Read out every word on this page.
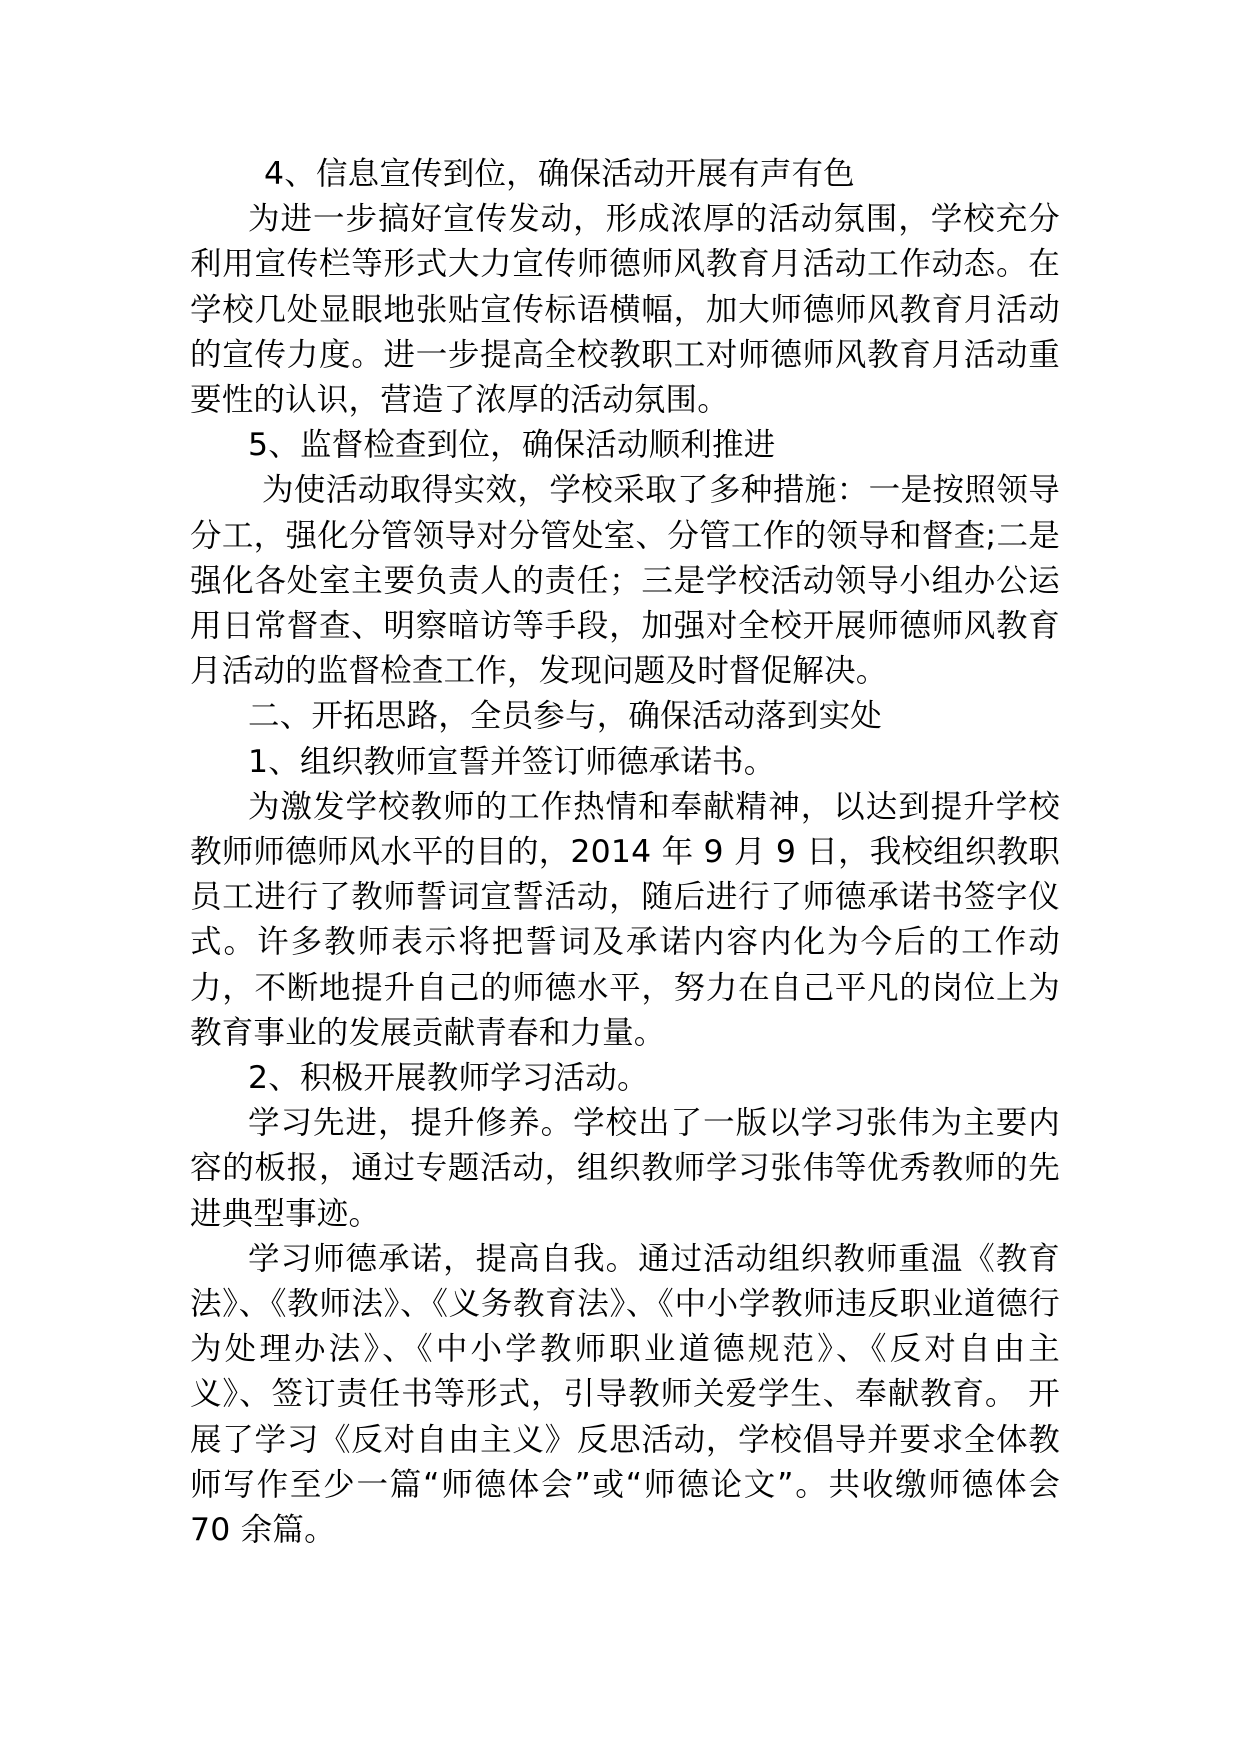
4、信息宣传到位，确保活动开展有声有色

为进一步搞好宣传发动，形成浓厚的活动氛围，学校充分利用宣传栏等形式大力宣传师德师风教育月活动工作动态。在学校几处显眼地张贴宣传标语横幅，加大师德师风教育月活动的宣传力度。进一步提高全校教职工对师德师风教育月活动重要性的认识，营造了浓厚的活动氛围。

5、监督检查到位，确保活动顺利推进

为使活动取得实效，学校采取了多种措施：一是按照领导分工，强化分管领导对分管处室、分管工作的领导和督查;二是强化各处室主要负责人的责任；三是学校活动领导小组办公运用日常督查、明察暗访等手段，加强对全校开展师德师风教育月活动的监督检查工作，发现问题及时督促解决。

二、开拓思路，全员参与，确保活动落到实处

1、组织教师宣誓并签订师德承诺书。

为激发学校教师的工作热情和奉献精神，以达到提升学校教师师德师风水平的目的，2014 年 9 月 9 日，我校组织教职员工进行了教师誓词宣誓活动，随后进行了师德承诺书签字仪式。许多教师表示将把誓词及承诺内容内化为今后的工作动力，不断地提升自己的师德水平，努力在自己平凡的岗位上为教育事业的发展贡献青春和力量。

2、积极开展教师学习活动。

学习先进，提升修养。学校出了一版以学习张伟为主要内容的板报，通过专题活动，组织教师学习张伟等优秀教师的先进典型事迹。

学习师德承诺，提高自我。通过活动组织教师重温《教育法》、《教师法》、《义务教育法》、《中小学教师违反职业道德行为处理办法》、《中小学教师职业道德规范》、《反对自由主义》、签订责任书等形式，引导教师关爱学生、奉献教育。 开展了学习《反对自由主义》反思活动，学校倡导并要求全体教师写作至少一篇“师德体会”或“师德论文”。共收缴师德体会 70 余篇。
